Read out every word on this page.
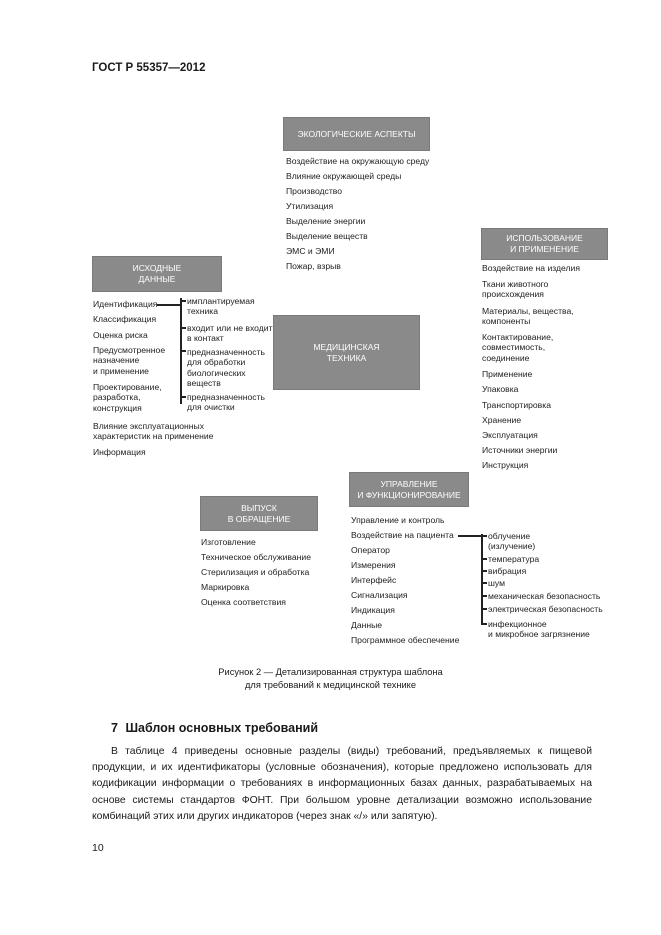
ГОСТ Р 55357—2012
ЭКОЛОГИЧЕСКИЕ АСПЕКТЫ
ИСПОЛЬЗОВАНИЕ
И ПРИМЕНЕНИЕ
ИСХОДНЫЕ
ДАННЫЕ
МЕДИЦИНСКАЯ
ТЕХНИКА
ВЫПУСК
В ОБРАЩЕНИЕ
УПРАВЛЕНИЕ
И ФУНКЦИОНИРОВАНИЕ
Воздействие на окружающую среду
Влияние окружающей среды
Производство
Утилизация
Выделение энергии
Выделение веществ
ЭМС и ЭМИ
Пожар, взрыв	Воздействие на изделия
Ткани животного
происхождения
Материалы, вещества,
компоненты
Контактирование,
совместимость,
соединение
Применение
Упаковка
Транспортировка
Хранение
Эксплуатация
Источники энергии
Инструкция
Идентификация
Классификация
Оценка риска
Предусмотренное
назначение
и применение
Проектирование,
разработка,
конструкция
Влияние эксплуатационных
характеристик на применение
Информация
имплантируемая
техника
входит или не входит
в контакт
предназначенность
для обработки
биологических
веществ
предназначенность
для очистки
Изготовление
Техническое обслуживание
Стерилизация и обработка
Маркировка
Оценка соответствия
Управление и контроль
Воздействие на пациента
Оператор
Измерения
Интерфейс
Сигнализация
Индикация
Данные
Программное обеспечение
облучение
(излучение)
температура
вибрация
шум
механическая безопасность
электрическая безопасность
инфекционное
и микробное загрязнение
Рисунок 2 — Детализированная структура шаблона
для требований к медицинской технике
7 Шаблон основных требований
В таблице 4 приведены основные разделы (виды) требований, предъявляемых к пищевой продукции, и их идентификаторы (условные обозначения), которые предложено использовать для кодификации информации о требованиях в информационных базах данных, разрабатываемых на основе системы стандартов ФОНТ. При большом уровне детализации возможно использование комбинаций этих или других индикаторов (через знак «/» или запятую).
10
